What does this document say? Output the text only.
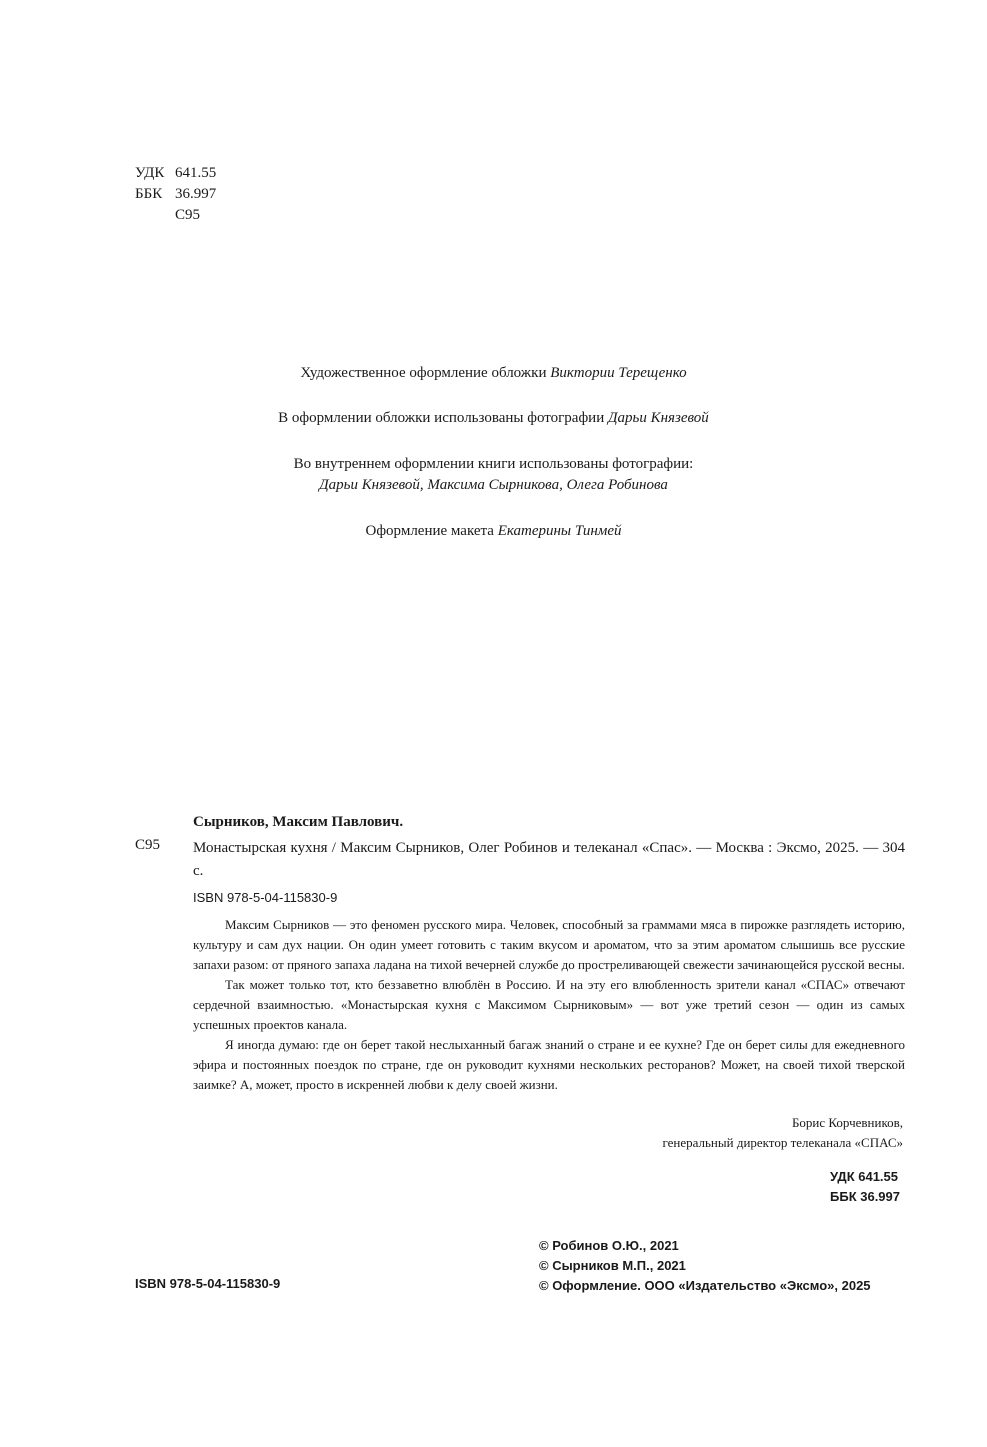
УДК 641.55
ББК 36.997
С95
Художественное оформление обложки Виктории Терещенко
В оформлении обложки использованы фотографии Дарьи Князевой
Во внутреннем оформлении книги использованы фотографии:
Дарьи Князевой, Максима Сырникова, Олега Робинова
Оформление макета Екатерины Тинмей
Сырников, Максим Павлович.
С95 Монастырская кухня / Максим Сырников, Олег Робинов и телеканал «Спас». — Москва : Эксмо, 2025. — 304 с.
ISBN 978-5-04-115830-9

Максим Сырников — это феномен русского мира. Человек, способный за граммами мяса в пирожке разглядеть историю, культуру и сам дух нации. Он один умеет готовить с таким вкусом и ароматом, что за этим ароматом слышишь все русские запахи разом: от пряного запаха ладана на тихой вечерней службе до простреливающей свежести зачинающейся русской весны.

Так может только тот, кто беззаветно влюблён в Россию. И на эту его влюбленность зрители канал «СПАС» отвечают сердечной взаимностью. «Монастырская кухня с Максимом Сырниковым» — вот уже третий сезон — один из самых успешных проектов канала.

Я иногда думаю: где он берет такой неслыханный багаж знаний о стране и ее кухне? Где он берет силы для ежедневного эфира и постоянных поездок по стране, где он руководит кухнями нескольких ресторанов? Может, на своей тихой тверской заимке? А, может, просто в искренней любви к делу своей жизни.

Борис Корчевников,
генеральный директор телеканала «СПАС»
УДК 641.55
ББК 36.997
© Робинов О.Ю., 2021
© Сырников М.П., 2021
© Оформление. ООО «Издательство «Эксмо», 2025
ISBN 978-5-04-115830-9
